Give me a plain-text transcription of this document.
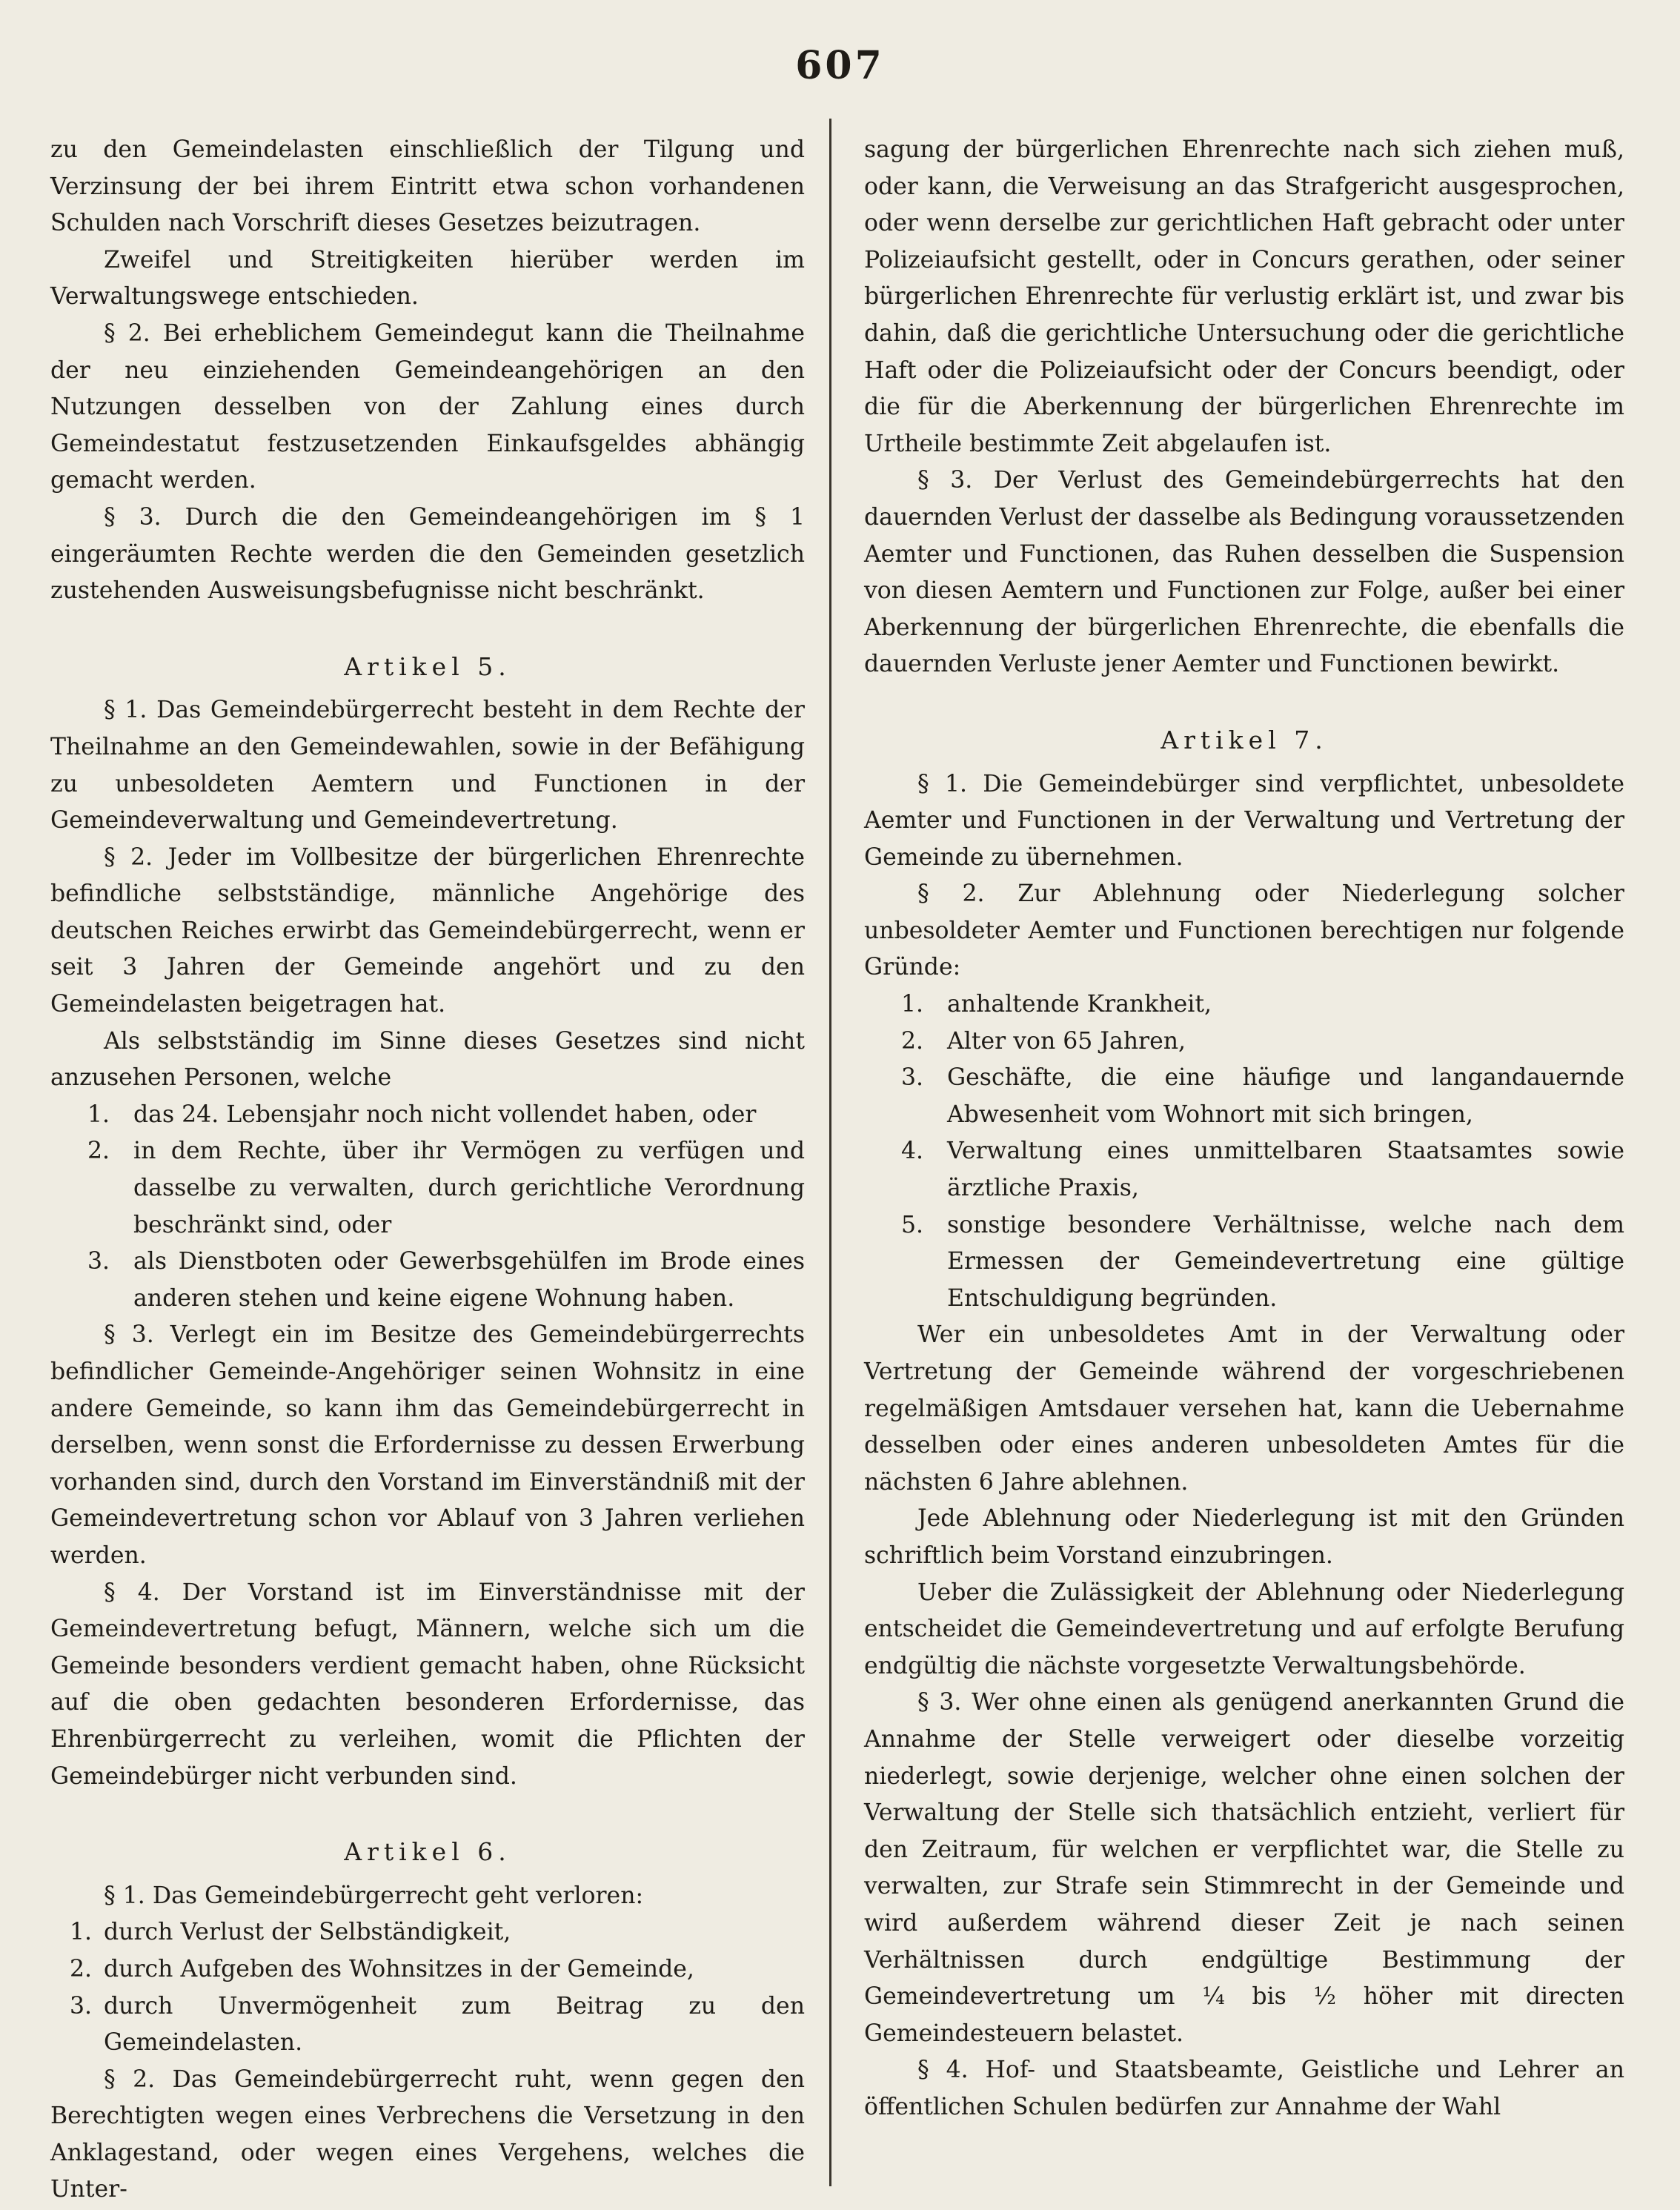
607

zu den Gemeindelasten einschließlich der Tilgung und Verzinsung der bei ihrem Eintritt etwa schon vorhandenen Schulden nach Vorschrift dieses Gesetzes beizutragen.

Zweifel und Streitigkeiten hierüber werden im Verwaltungswege entschieden.

§ 2. Bei erheblichem Gemeindegut kann die Theilnahme der neu einziehenden Gemeindeangehörigen an den Nutzungen desselben von der Zahlung eines durch Gemeindestatut festzusetzenden Einkaufsgeldes abhängig gemacht werden.

§ 3. Durch die den Gemeindeangehörigen im § 1 eingeräumten Rechte werden die den Gemeinden gesetzlich zustehenden Ausweisungsbefugnisse nicht beschränkt.

Artikel 5.

§ 1. Das Gemeindebürgerrecht besteht in dem Rechte der Theilnahme an den Gemeindewahlen, sowie in der Befähigung zu unbesoldeten Aemtern und Functionen in der Gemeindeverwaltung und Gemeindevertretung.

§ 2. Jeder im Vollbesitze der bürgerlichen Ehrenrechte befindliche selbstständige, männliche Angehörige des deutschen Reiches erwirbt das Gemeindebürgerrecht, wenn er seit 3 Jahren der Gemeinde angehört und zu den Gemeindelasten beigetragen hat.

Als selbstständig im Sinne dieses Gesetzes sind nicht anzusehen Personen, welche

1. das 24. Lebensjahr noch nicht vollendet haben, oder
2. in dem Rechte, über ihr Vermögen zu verfügen und dasselbe zu verwalten, durch gerichtliche Verordnung beschränkt sind, oder
3. als Dienstboten oder Gewerbsgehülfen im Brode eines anderen stehen und keine eigene Wohnung haben.

§ 3. Verlegt ein im Besitze des Gemeindebürgerrechts befindlicher Gemeinde-Angehöriger seinen Wohnsitz in eine andere Gemeinde, so kann ihm das Gemeindebürgerrecht in derselben, wenn sonst die Erfordernisse zu dessen Erwerbung vorhanden sind, durch den Vorstand im Einverständniß mit der Gemeindevertretung schon vor Ablauf von 3 Jahren verliehen werden.

§ 4. Der Vorstand ist im Einverständnisse mit der Gemeindevertretung befugt, Männern, welche sich um die Gemeinde besonders verdient gemacht haben, ohne Rücksicht auf die oben gedachten besonderen Erfordernisse, das Ehrenbürgerrecht zu verleihen, womit die Pflichten der Gemeindebürger nicht verbunden sind.

Artikel 6.

§ 1. Das Gemeindebürgerrecht geht verloren:

1. durch Verlust der Selbständigkeit,
2. durch Aufgeben des Wohnsitzes in der Gemeinde,
3. durch Unvermögenheit zum Beitrag zu den Gemeindelasten.

§ 2. Das Gemeindebürgerrecht ruht, wenn gegen den Berechtigten wegen eines Verbrechens die Versetzung in den Anklagestand, oder wegen eines Vergehens, welches die Unter-

sagung der bürgerlichen Ehrenrechte nach sich ziehen muß, oder kann, die Verweisung an das Strafgericht ausgesprochen, oder wenn derselbe zur gerichtlichen Haft gebracht oder unter Polizeiaufsicht gestellt, oder in Concurs gerathen, oder seiner bürgerlichen Ehrenrechte für verlustig erklärt ist, und zwar bis dahin, daß die gerichtliche Untersuchung oder die gerichtliche Haft oder die Polizeiaufsicht oder der Concurs beendigt, oder die für die Aberkennung der bürgerlichen Ehrenrechte im Urtheile bestimmte Zeit abgelaufen ist.

§ 3. Der Verlust des Gemeindebürgerrechts hat den dauernden Verlust der dasselbe als Bedingung voraussetzenden Aemter und Functionen, das Ruhen desselben die Suspension von diesen Aemtern und Functionen zur Folge, außer bei einer Aberkennung der bürgerlichen Ehrenrechte, die ebenfalls die dauernden Verluste jener Aemter und Functionen bewirkt.

Artikel 7.

§ 1. Die Gemeindebürger sind verpflichtet, unbesoldete Aemter und Functionen in der Verwaltung und Vertretung der Gemeinde zu übernehmen.

§ 2. Zur Ablehnung oder Niederlegung solcher unbesoldeter Aemter und Functionen berechtigen nur folgende Gründe:

1. anhaltende Krankheit,
2. Alter von 65 Jahren,
3. Geschäfte, die eine häufige und langandauernde Abwesenheit vom Wohnort mit sich bringen,
4. Verwaltung eines unmittelbaren Staatsamtes sowie ärztliche Praxis,
5. sonstige besondere Verhältnisse, welche nach dem Ermessen der Gemeindevertretung eine gültige Entschuldigung begründen.

Wer ein unbesoldetes Amt in der Verwaltung oder Vertretung der Gemeinde während der vorgeschriebenen regelmäßigen Amtsdauer versehen hat, kann die Uebernahme desselben oder eines anderen unbesoldeten Amtes für die nächsten 6 Jahre ablehnen.

Jede Ablehnung oder Niederlegung ist mit den Gründen schriftlich beim Vorstand einzubringen.

Ueber die Zulässigkeit der Ablehnung oder Niederlegung entscheidet die Gemeindevertretung und auf erfolgte Berufung endgültig die nächste vorgesetzte Verwaltungsbehörde.

§ 3. Wer ohne einen als genügend anerkannten Grund die Annahme der Stelle verweigert oder dieselbe vorzeitig niederlegt, sowie derjenige, welcher ohne einen solchen der Verwaltung der Stelle sich thatsächlich entzieht, verliert für den Zeitraum, für welchen er verpflichtet war, die Stelle zu verwalten, zur Strafe sein Stimmrecht in der Gemeinde und wird außerdem während dieser Zeit je nach seinen Verhältnissen durch endgültige Bestimmung der Gemeindevertretung um ¼ bis ½ höher mit directen Gemeindesteuern belastet.

§ 4. Hof- und Staatsbeamte, Geistliche und Lehrer an öffentlichen Schulen bedürfen zur Annahme der Wahl
